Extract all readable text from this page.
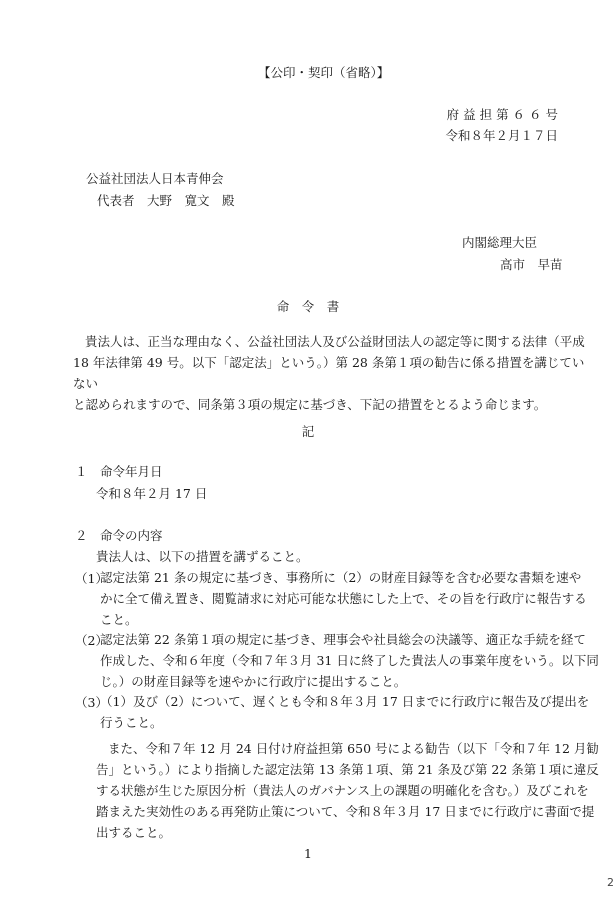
【公印・契印（省略）】
府 益 担 第 ６ ６ 号
令和８年２月１７日
公益社団法人日本青伸会
代表者　大野　寛文　殿
内閣総理大臣
高市　早苗
命　令　書
貴法人は、正当な理由なく、公益社団法人及び公益財団法人の認定等に関する法律（平成
18 年法律第 49 号。以下「認定法」という。）第 28 条第１項の勧告に係る措置を講じていない
と認められますので、同条第３項の規定に基づき、下記の措置をとるよう命じます。
記
１　命令年月日
令和８年２月 17 日
２　命令の内容
貴法人は、以下の措置を講ずること。
（1）
認定法第 21 条の規定に基づき、事務所に（2）の財産目録等を含む必要な書類を速や
かに全て備え置き、閲覧請求に対応可能な状態にした上で、その旨を行政庁に報告する
こと。
（2）
認定法第 22 条第１項の規定に基づき、理事会や社員総会の決議等、適正な手続を経て
作成した、令和６年度（令和７年３月 31 日に終了した貴法人の事業年度をいう。以下同
じ。）の財産目録等を速やかに行政庁に提出すること。
（3）
（1）及び（2）について、遅くとも令和８年３月 17 日までに行政庁に報告及び提出を
行うこと。
また、令和７年 12 月 24 日付け府益担第 650 号による勧告（以下「令和７年 12 月勧
告」という。）により指摘した認定法第 13 条第１項、第 21 条及び第 22 条第１項に違反
する状態が生じた原因分析（貴法人のガバナンス上の課題の明確化を含む。）及びこれを
踏まえた実効性のある再発防止策について、令和８年３月 17 日までに行政庁に書面で提
出すること。
1
2
